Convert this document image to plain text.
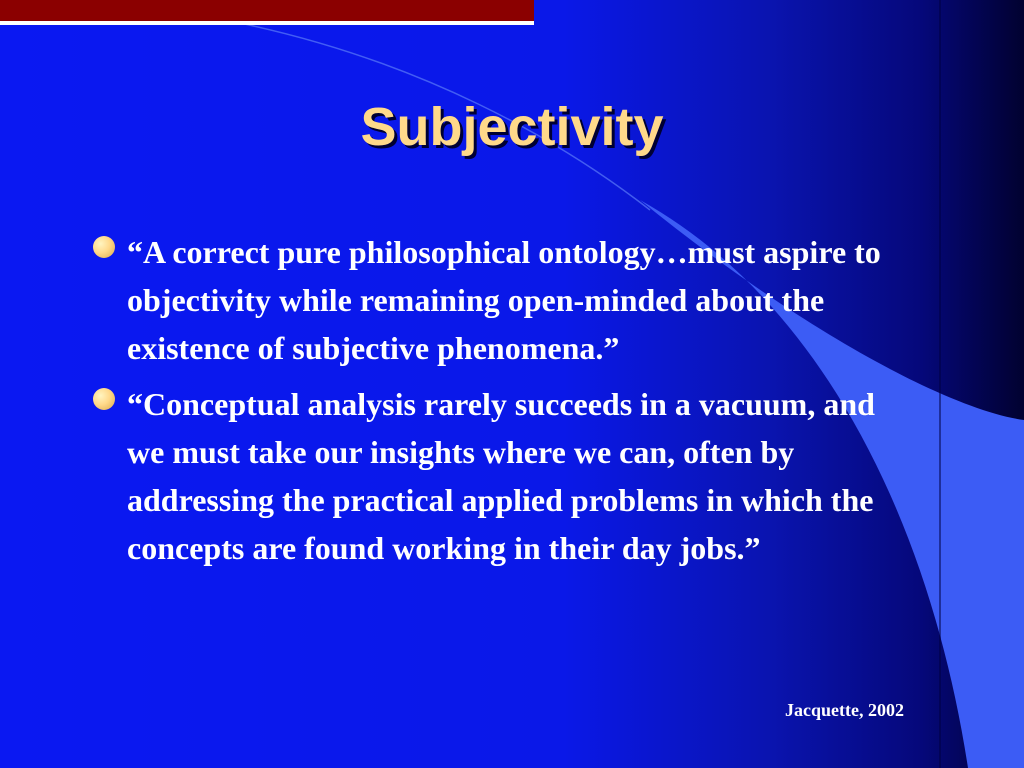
Subjectivity
“A correct pure philosophical ontology…must aspire to objectivity while remaining open-minded about the existence of subjective phenomena.”
“Conceptual analysis rarely succeeds in a vacuum, and we must take our insights where we can, often by addressing the practical applied problems in which the concepts are found working in their day jobs.”
Jacquette, 2002
